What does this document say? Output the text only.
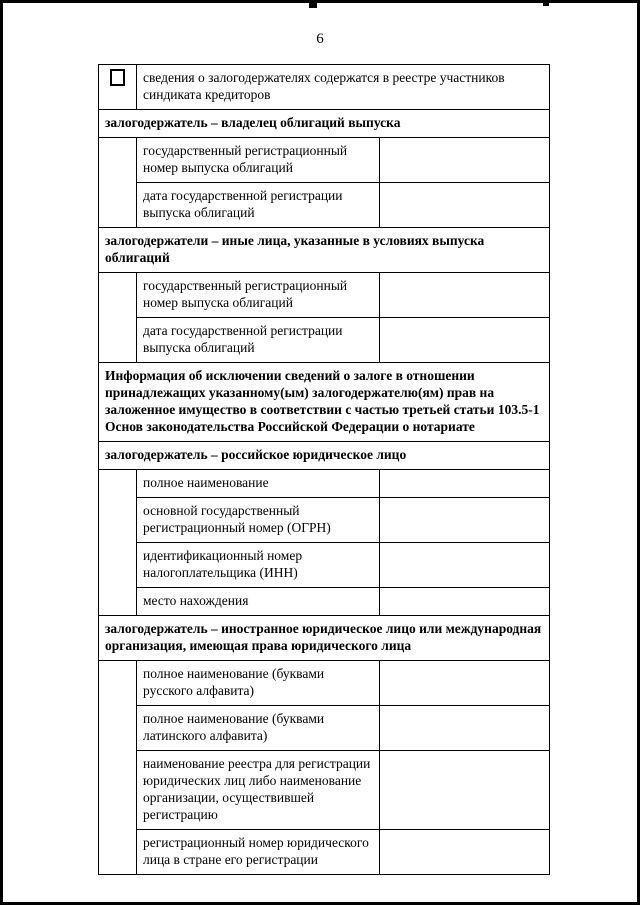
6
	сведения о залогодержателях содержатся в реестре участников синдиката кредиторов	
залогодержатель – владелец облигаций выпуска		
	государственный регистрационный номер выпуска облигаций	
	дата государственной регистрации выпуска облигаций	
залогодержатели – иные лица, указанные в условиях выпуска облигаций		
	государственный регистрационный номер выпуска облигаций	
	дата государственной регистрации выпуска облигаций	
Информация об исключении сведений о залоге в отношении принадлежащих указанному(ым) залогодержателю(ям) прав на заложенное имущество в соответствии с частью третьей статьи 103.5-1 Основ законодательства Российской Федерации о нотариате		
залогодержатель – российское юридическое лицо		
	полное наименование	
	основной государственный регистрационный номер (ОГРН)	
	идентификационный номер налогоплательщика (ИНН)	
	место нахождения	
залогодержатель – иностранное юридическое лицо или международная организация, имеющая права юридического лица		
	полное наименование (буквами русского алфавита)	
	полное наименование (буквами латинского алфавита)	
	наименование реестра для регистрации юридических лиц либо наименование организации, осуществившей регистрацию	
	регистрационный номер юридического лица в стране его регистрации	
